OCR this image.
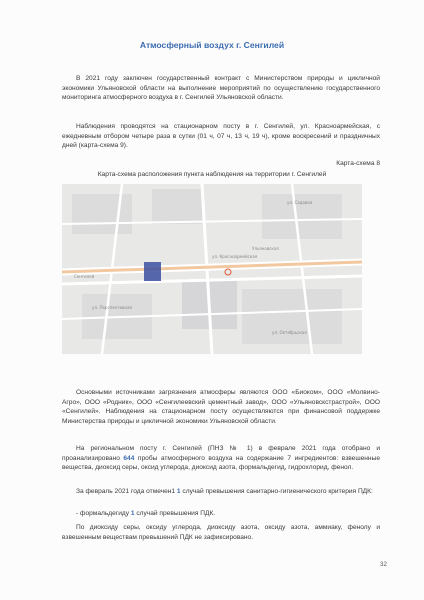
Атмосферный воздух г. Сенгилей
В 2021 году заключен государственный контракт с Министерством природы и цикличной экономики Ульяновской области на выполнение мероприятий по осуществлению государственного мониторинга атмосферного воздуха в г. Сенгилей Ульяновской области.
Наблюдения проводятся на стационарном посту в г. Сенгилей, ул. Красноармейская, с ежедневным отбором четыре раза в сутки (01 ч, 07 ч, 13 ч, 19 ч), кроме воскресений и праздничных дней (карта-схема 9).
Карта-схема 8
Карта-схема расположения пункта наблюдения на территории г. Сенгилей
ул. Красноармейская
Ульяновская
Сенгилей
ул. Октябрьская
ул. Перспективная
ул. Садовая
Основными источниками загрязнения атмосферы являются ООО «Биоком», ООО «Молвино-Агро», ООО «Родник», ООО «Сенгилеевский цементный завод», ООО «Ульяновскстрастрой», ООО «Сенгилей». Наблюдения на стационарном посту осуществляются при финансовой поддержке Министерства природы и цикличной экономики Ульяновской области.
На региональном посту г. Сенгилей (ПНЗ № 1) в феврале 2021 года отобрано и проанализировано 644 пробы атмосферного воздуха на содержание 7 ингредиентов: взвешенные вещества, диоксид серы, оксид углерода, диоксид азота, формальдегид, гидрохлорид, фенол.
За февраль 2021 года отмечен1 1 случай превышения санитарно-гигиенического критерия ПДК:
- формальдегиду 1 случай превышения ПДК.
По диоксиду серы, оксиду углерода, диоксиду азота, оксиду азота, аммиаку, фенолу и взвешенным веществам превышений ПДК не зафиксировано.
32
